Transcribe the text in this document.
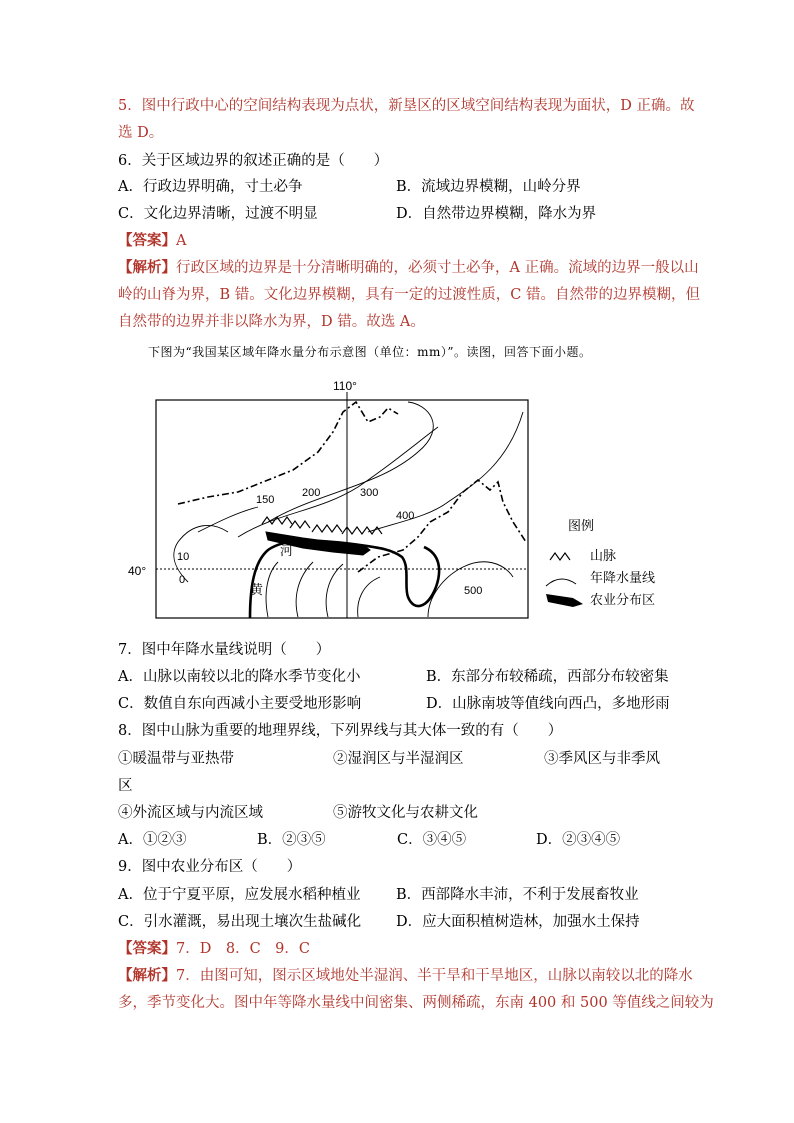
5．图中行政中心的空间结构表现为点状，新垦区的区域空间结构表现为面状，D 正确。故
选 D。
6．关于区域边界的叙述正确的是（　　）
A．行政边界明确，寸土必争	B．流域边界模糊，山岭分界
C．文化边界清晰，过渡不明显	D．自然带边界模糊，降水为界
【答案】A
【解析】行政区域的边界是十分清晰明确的，必须寸土必争，A 正确。流域的边界一般以山
岭的山脊为界，B 错。文化边界模糊，具有一定的过渡性质，C 错。自然带的边界模糊，但
自然带的边界并非以降水为界，D 错。故选 A。
下图为“我国某区域年降水量分布示意图（单位：mm）”。读图，回答下面小题。
110°
40°
150
200	300
400
10
0
500
河
黄
图例
山脉
年降水量线
农业分布区
7．图中年降水量线说明（　　）
A．山脉以南较以北的降水季节变化小	B．东部分布较稀疏，西部分布较密集
C．数值自东向西减小主要受地形影响	D．山脉南坡等值线向西凸，多地形雨
8．图中山脉为重要的地理界线，下列界线与其大体一致的有（　　）
①暖温带与亚热带	②湿润区与半湿润区	③季风区与非季风
区
④外流区域与内流区域	⑤游牧文化与农耕文化
A．①②③	B．②③⑤	C．③④⑤	D．②③④⑤
9．图中农业分布区（　　）
A．位于宁夏平原，应发展水稻种植业 B．西部降水丰沛，不利于发展畜牧业
C．引水灌溉，易出现土壤次生盐碱化 D．应大面积植树造林，加强水土保持
【答案】7．D　8．C　9．C
【解析】7．由图可知，图示区域地处半湿润、半干旱和干旱地区，山脉以南较以北的降水
多，季节变化大。图中年等降水量线中间密集、两侧稀疏，东南 400 和 500 等值线之间较为
